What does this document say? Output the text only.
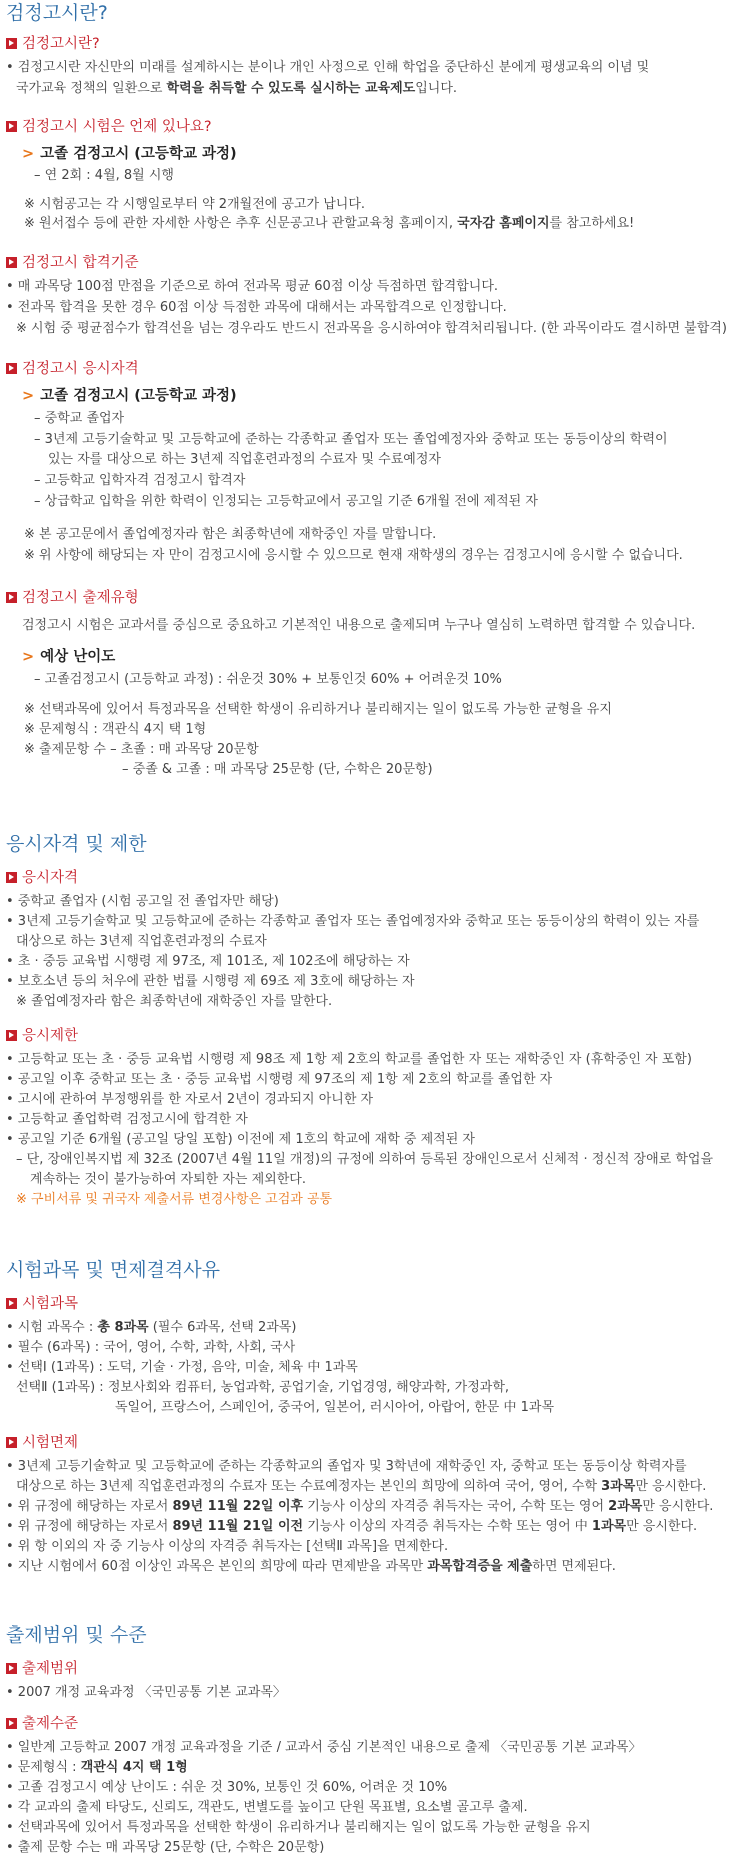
검정고시란?
검정고시란?
• 검정고시란 자신만의 미래를 설계하시는 분이나 개인 사정으로 인해 학업을 중단하신 분에게 평생교육의 이념 및
국가교육 정책의 일환으로 학력을 취득할 수 있도록 실시하는 교육제도입니다.
검정고시 시험은 언제 있나요?
> 고졸 검정고시 (고등학교 과정)
– 연 2회 : 4월, 8월 시행
※ 시험공고는 각 시행일로부터 약 2개월전에 공고가 납니다.
※ 원서접수 등에 관한 자세한 사항은 추후 신문공고나 관할교육청 홈페이지, 국자감 홈페이지를 참고하세요!
검정고시 합격기준
• 매 과목당 100점 만점을 기준으로 하여 전과목 평균 60점 이상 득점하면 합격합니다.
• 전과목 합격을 못한 경우 60점 이상 득점한 과목에 대해서는 과목합격으로 인정합니다.
※ 시험 중 평균점수가 합격선을 넘는 경우라도 반드시 전과목을 응시하여야 합격처리됩니다. (한 과목이라도 결시하면 불합격)
검정고시 응시자격
> 고졸 검정고시 (고등학교 과정)
– 중학교 졸업자
– 3년제 고등기술학교 및 고등학교에 준하는 각종학교 졸업자 또는 졸업예정자와 중학교 또는 동등이상의 학력이
있는 자를 대상으로 하는 3년제 직업훈련과정의 수료자 및 수료예정자
– 고등학교 입학자격 검정고시 합격자
– 상급학교 입학을 위한 학력이 인정되는 고등학교에서 공고일 기준 6개월 전에 제적된 자
※ 본 공고문에서 졸업예정자라 함은 최종학년에 재학중인 자를 말합니다.
※ 위 사항에 해당되는 자 만이 검정고시에 응시할 수 있으므로 현재 재학생의 경우는 검정고시에 응시할 수 없습니다.
검정고시 출제유형
검정고시 시험은 교과서를 중심으로 중요하고 기본적인 내용으로 출제되며 누구나 열심히 노력하면 합격할 수 있습니다.
> 예상 난이도
– 고졸검정고시 (고등학교 과정) : 쉬운것 30% + 보통인것 60% + 어려운것 10%
※ 선택과목에 있어서 특정과목을 선택한 학생이 유리하거나 불리해지는 일이 없도록 가능한 균형을 유지
※ 문제형식 : 객관식 4지 택 1형
※ 출제문항 수 – 초졸 : 매 과목당 20문항
– 중졸 & 고졸 : 매 과목당 25문항 (단, 수학은 20문항)
응시자격 및 제한
응시자격
• 중학교 졸업자 (시험 공고일 전 졸업자만 해당)
• 3년제 고등기술학교 및 고등학교에 준하는 각종학교 졸업자 또는 졸업예정자와 중학교 또는 동등이상의 학력이 있는 자를
대상으로 하는 3년제 직업훈련과정의 수료자
• 초 · 중등 교육법 시행령 제 97조, 제 101조, 제 102조에 해당하는 자
• 보호소년 등의 처우에 관한 법률 시행령 제 69조 제 3호에 해당하는 자
※ 졸업예정자라 함은 최종학년에 재학중인 자를 말한다.
응시제한
• 고등학교 또는 초 · 중등 교육법 시행령 제 98조 제 1항 제 2호의 학교를 졸업한 자 또는 재학중인 자 (휴학중인 자 포함)
• 공고일 이후 중학교 또는 초 · 중등 교육법 시행령 제 97조의 제 1항 제 2호의 학교를 졸업한 자
• 고시에 관하여 부정행위를 한 자로서 2년이 경과되지 아니한 자
• 고등학교 졸업학력 검정고시에 합격한 자
• 공고일 기준 6개월 (공고일 당일 포함) 이전에 제 1호의 학교에 재학 중 제적된 자
– 단, 장애인복지법 제 32조 (2007년 4월 11일 개정)의 규정에 의하여 등록된 장애인으로서 신체적 · 정신적 장애로 학업을
계속하는 것이 불가능하여 자퇴한 자는 제외한다.
※ 구비서류 및 귀국자 제출서류 변경사항은 고검과 공통
시험과목 및 면제결격사유
시험과목
• 시험 과목수 : 총 8과목 (필수 6과목, 선택 2과목)
• 필수 (6과목) : 국어, 영어, 수학, 과학, 사회, 국사
• 선택Ⅰ (1과목) : 도덕, 기술 · 가정, 음악, 미술, 체육 中 1과목
선택Ⅱ (1과목) : 정보사회와 컴퓨터, 농업과학, 공업기술, 기업경영, 해양과학, 가정과학,
독일어, 프랑스어, 스페인어, 중국어, 일본어, 러시아어, 아랍어, 한문 中 1과목
시험면제
• 3년제 고등기술학교 및 고등학교에 준하는 각종학교의 졸업자 및 3학년에 재학중인 자, 중학교 또는 동등이상 학력자를
대상으로 하는 3년제 직업훈련과정의 수료자 또는 수료예정자는 본인의 희망에 의하여 국어, 영어, 수학 3과목만 응시한다.
• 위 규정에 해당하는 자로서 89년 11월 22일 이후 기능사 이상의 자격증 취득자는 국어, 수학 또는 영어 2과목만 응시한다.
• 위 규정에 해당하는 자로서 89년 11월 21일 이전 기능사 이상의 자격증 취득자는 수학 또는 영어 中 1과목만 응시한다.
• 위 항 이외의 자 중 기능사 이상의 자격증 취득자는 [선택Ⅱ 과목]을 면제한다.
• 지난 시험에서 60점 이상인 과목은 본인의 희망에 따라 면제받을 과목만 과목합격증을 제출하면 면제된다.
출제범위 및 수준
출제범위
• 2007 개정 교육과정 〈국민공통 기본 교과목〉
출제수준
• 일반계 고등학교 2007 개정 교육과정을 기준 / 교과서 중심 기본적인 내용으로 출제 〈국민공통 기본 교과목〉
• 문제형식 : 객관식 4지 택 1형
• 고졸 검정고시 예상 난이도 : 쉬운 것 30%, 보통인 것 60%, 어려운 것 10%
• 각 교과의 출제 타당도, 신뢰도, 객관도, 변별도를 높이고 단원 목표별, 요소별 골고루 출제.
• 선택과목에 있어서 특정과목을 선택한 학생이 유리하거나 불리해지는 일이 없도록 가능한 균형을 유지
• 출제 문항 수는 매 과목당 25문항 (단, 수학은 20문항)
